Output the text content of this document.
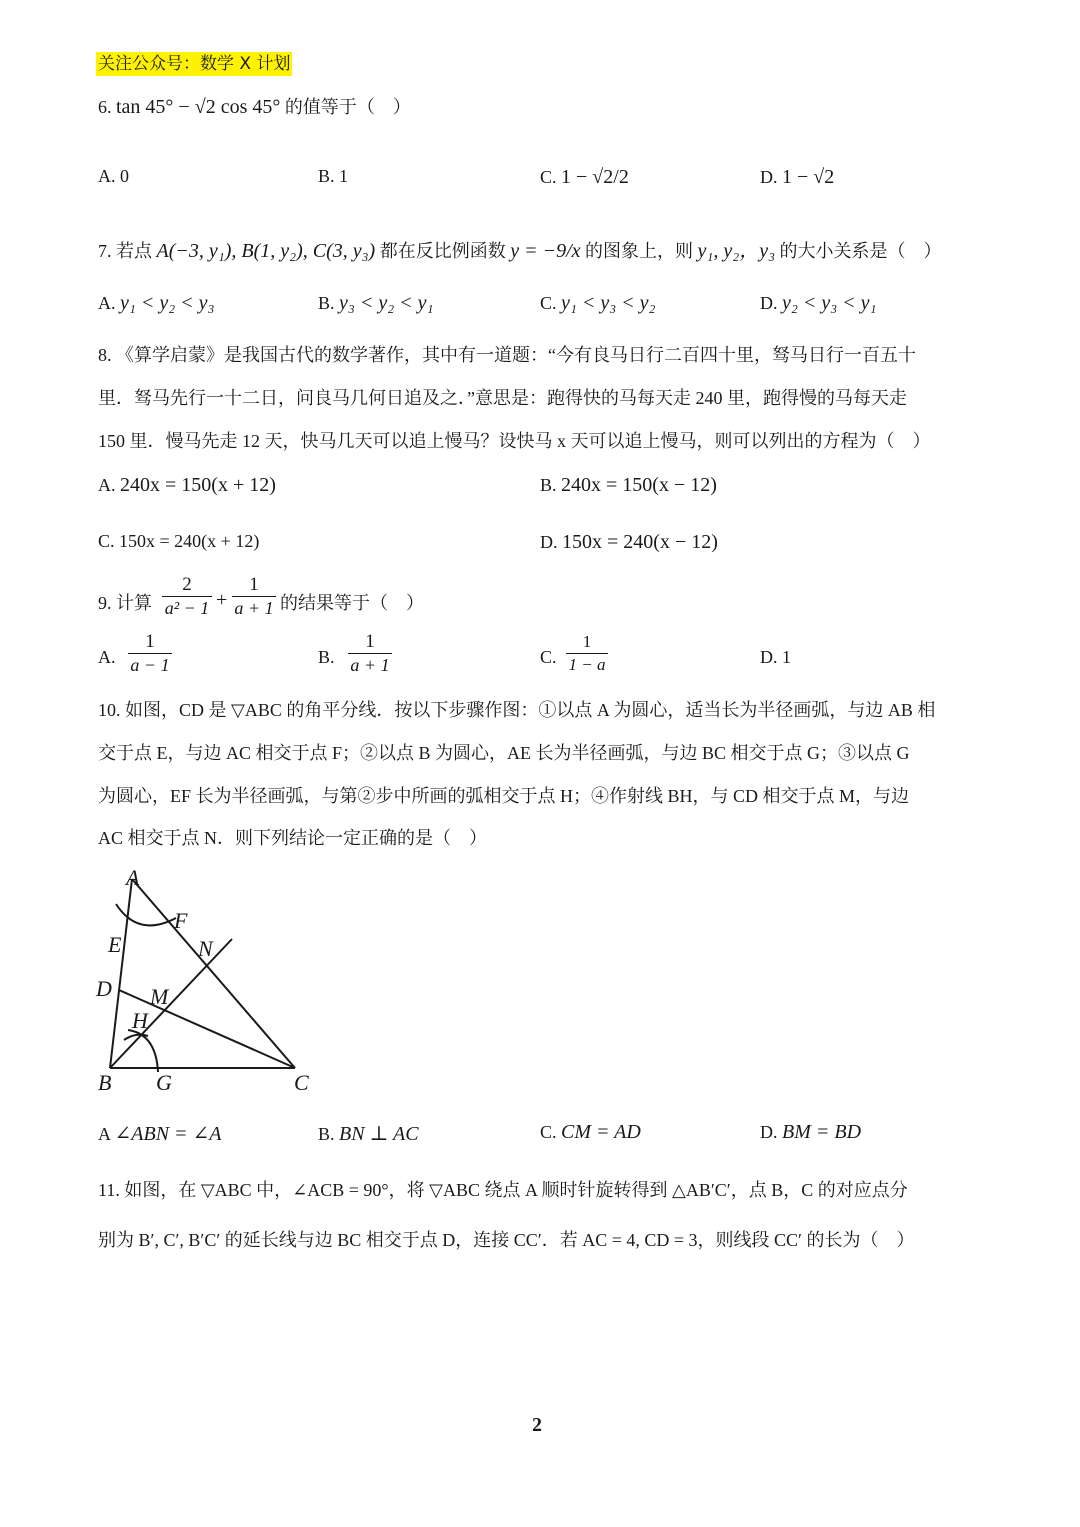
关注公众号：数学 X 计划
6. tan 45° − √2 cos 45° 的值等于（　）
A. 0	B. 1	C. 1 − √2/2	D. 1 − √2
7. 若点 A(−3, y₁), B(1, y₂), C(3, y₃) 都在反比例函数 y = −9/x 的图象上，则 y₁, y₂，y₃ 的大小关系是（　）
A. y₁ < y₂ < y₃	B. y₃ < y₂ < y₁	C. y₁ < y₃ < y₂	D. y₂ < y₃ < y₁
8. 《算学启蒙》是我国古代的数学著作，其中有一道题：“今有良马日行二百四十里，驽马日行一百五十
里．驽马先行一十二日，问良马几何日追及之．”意思是：跑得快的马每天走 240 里，跑得慢的马每天走
150 里．慢马先走 12 天，快马几天可以追上慢马？设快马 x 天可以追上慢马，则可以列出的方程为（　）
A. 240x = 150(x + 12)	B. 240x = 150(x − 12)
C. 150x = 240(x + 12)	D. 150x = 240(x − 12)
9. 计算 $\frac{2}{\text{a² − 1}} + \frac{1}{a + 1}$ 的结果等于（　）
A. $\frac{1}{a - 1}$	B. $\frac{1}{a + 1}$	C. $\frac{1}{1 - a}$	D. 1
10. 如图，CD 是 ▽ABC 的角平分线．按以下步骤作图：①以点 A 为圆心，适当长为半径画弧，与边 AB 相
交于点 E，与边 AC 相交于点 F；②以点 B 为圆心，AE 长为半径画弧，与边 BC 相交于点 G；③以点 G
为圆心，EF 长为半径画弧，与第②步中所画的弧相交于点 H；④作射线 BH，与 CD 相交于点 M，与边
AC 相交于点 N．则下列结论一定正确的是（　）
A
F
E	N
D M
H
B G	C
A ∠ABN = ∠A	B. BN ⊥ AC	C. CM = AD	D. BM = BD
11. 如图，在 ▽ABC 中，∠ACB = 90°，将 ▽ABC 绕点 A 顺时针旋转得到 △AB′C′，点 B，C 的对应点分
别为 B′, C′, B′C′ 的延长线与边 BC 相交于点 D，连接 CC′．若 AC = 4, CD = 3，则线段 CC′ 的长为（　）
2
